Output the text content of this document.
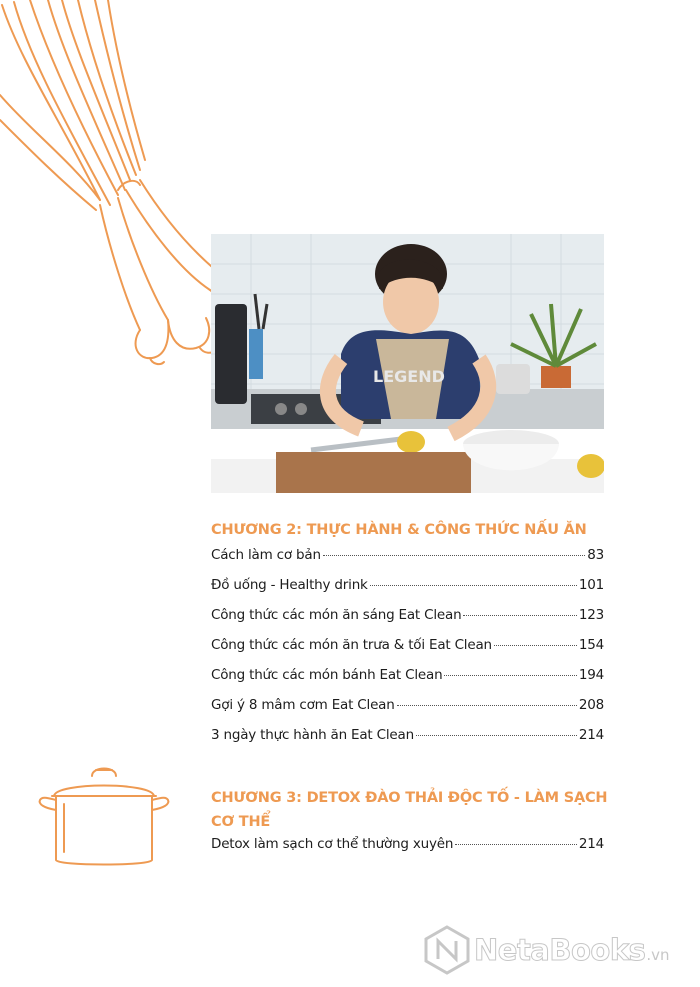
LEGEND
CHƯƠNG 2: THỰC HÀNH & CÔNG THỨC NẤU ĂN
Cách làm cơ bản	83
Đồ uống - Healthy drink	101
Công thức các món ăn sáng Eat Clean	123
Công thức các món ăn trưa & tối Eat Clean	154
Công thức các món bánh Eat Clean	194
Gợi ý 8 mâm cơm Eat Clean	208
3 ngày thực hành ăn Eat Clean	214
CHƯƠNG 3: DETOX ĐÀO THẢI ĐỘC TỐ - LÀM SẠCH
CƠ THỂ
Detox làm sạch cơ thể thường xuyên	214
NetaBooks .vn
